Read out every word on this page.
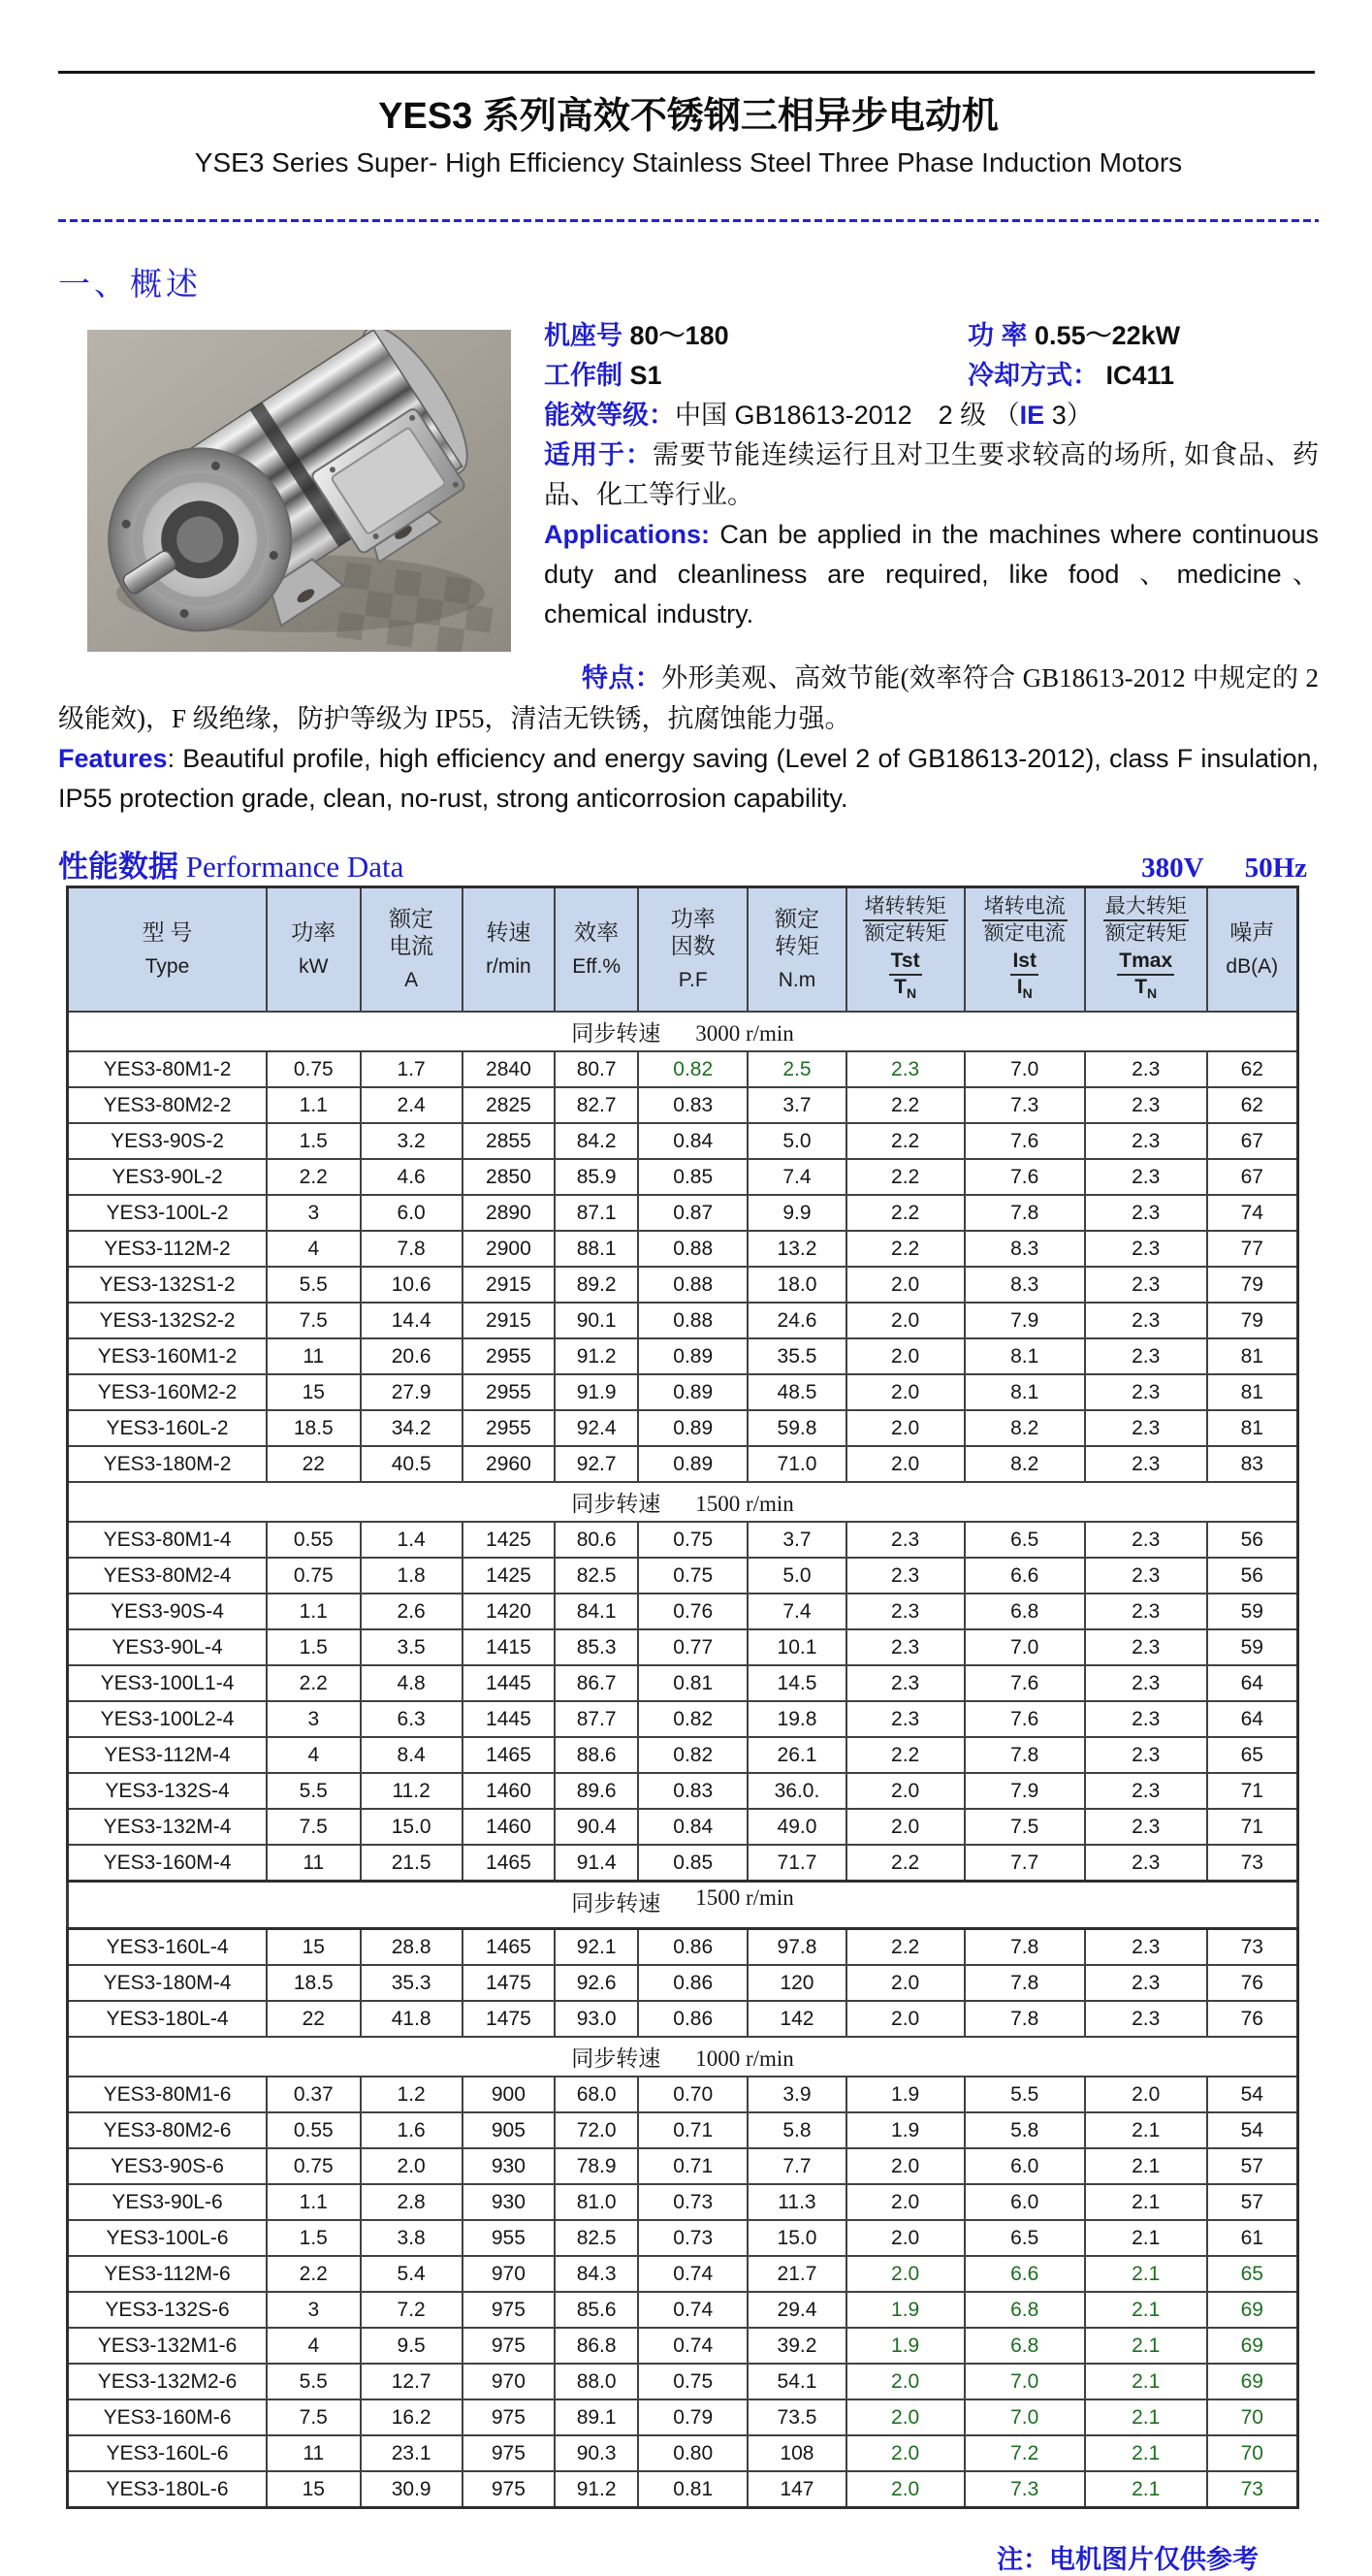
YES3 系列高效不锈钢三相异步电动机
YSE3 Series Super- High Efficiency Stainless Steel Three Phase Induction Motors
一、概述

机座号 80～180	功 率 0.55～22kW

工作制 S1	冷却方式： IC411

能效等级：中国 GB18613-2012　2 级 （IE 3）

适用于：需要节能连续运行且对卫生要求较高的场所, 如食品、药品、化工等行业。

Applications: Can be applied in the machines where continuous duty and cleanliness are required, like food 、medicine、chemical industry.

特点：外形美观、高效节能(效率符合 GB18613-2012 中规定的 2 级能效)，F 级绝缘，防护等级为 IP55，清洁无铁锈，抗腐蚀能力强。

Features: Beautiful profile, high efficiency and energy saving (Level 2 of GB18613-2012), class F insulation, IP55 protection grade, clean, no-rust, strong anticorrosion capability.

性能数据 Performance Data	380V 50Hz
型 号
Type

功率
kW

额定
电流
A

转速
r/min

效率
Eff.%

功率
因数
P.F

额定
转矩
N.m

堵转转矩
额定转矩
Tst
$T_N$

堵转电流
额定电流
Ist
$I_N$

最大转矩
额定转矩
Tmax
$T_N$

噪声
dB(A)

同步转速 3000 r/min										
YES3-80M1-2	0.75	1.7	2840	80.7	0.82	2.5	2.3	7.0	2.3	62
YES3-80M2-2	1.1	2.4	2825	82.7	0.83	3.7	2.2	7.3	2.3	62
YES3-90S-2	1.5	3.2	2855	84.2	0.84	5.0	2.2	7.6	2.3	67
YES3-90L-2	2.2	4.6	2850	85.9	0.85	7.4	2.2	7.6	2.3	67
YES3-100L-2	3	6.0	2890	87.1	0.87	9.9	2.2	7.8	2.3	74
YES3-112M-2	4	7.8	2900	88.1	0.88	13.2	2.2	8.3	2.3	77
YES3-132S1-2	5.5	10.6	2915	89.2	0.88	18.0	2.0	8.3	2.3	79
YES3-132S2-2	7.5	14.4	2915	90.1	0.88	24.6	2.0	7.9	2.3	79
YES3-160M1-2	11	20.6	2955	91.2	0.89	35.5	2.0	8.1	2.3	81
YES3-160M2-2	15	27.9	2955	91.9	0.89	48.5	2.0	8.1	2.3	81
YES3-160L-2	18.5	34.2	2955	92.4	0.89	59.8	2.0	8.2	2.3	81
YES3-180M-2	22	40.5	2960	92.7	0.89	71.0	2.0	8.2	2.3	83
同步转速 1500 r/min										
YES3-80M1-4	0.55	1.4	1425	80.6	0.75	3.7	2.3	6.5	2.3	56
YES3-80M2-4	0.75	1.8	1425	82.5	0.75	5.0	2.3	6.6	2.3	56
YES3-90S-4	1.1	2.6	1420	84.1	0.76	7.4	2.3	6.8	2.3	59
YES3-90L-4	1.5	3.5	1415	85.3	0.77	10.1	2.3	7.0	2.3	59
YES3-100L1-4	2.2	4.8	1445	86.7	0.81	14.5	2.3	7.6	2.3	64
YES3-100L2-4	3	6.3	1445	87.7	0.82	19.8	2.3	7.6	2.3	64
YES3-112M-4	4	8.4	1465	88.6	0.82	26.1	2.2	7.8	2.3	65
YES3-132S-4	5.5	11.2	1460	89.6	0.83	36.0.	2.0	7.9	2.3	71
YES3-132M-4	7.5	15.0	1460	90.4	0.84	49.0	2.0	7.5	2.3	71
YES3-160M-4	11	21.5	1465	91.4	0.85	71.7	2.2	7.7	2.3	73
同步转速 1500 r/min
YES3-160L-4	15	28.8	1465	92.1	0.86	97.8	2.2	7.8	2.3	73
YES3-180M-4	18.5	35.3	1475	92.6	0.86	120	2.0	7.8	2.3	76
YES3-180L-4	22	41.8	1475	93.0	0.86	142	2.0	7.8	2.3	76
同步转速 1000 r/min										
YES3-80M1-6	0.37	1.2	900	68.0	0.70	3.9	1.9	5.5	2.0	54
YES3-80M2-6	0.55	1.6	905	72.0	0.71	5.8	1.9	5.8	2.1	54
YES3-90S-6	0.75	2.0	930	78.9	0.71	7.7	2.0	6.0	2.1	57
YES3-90L-6	1.1	2.8	930	81.0	0.73	11.3	2.0	6.0	2.1	57
YES3-100L-6	1.5	3.8	955	82.5	0.73	15.0	2.0	6.5	2.1	61
YES3-112M-6	2.2	5.4	970	84.3	0.74	21.7	2.0	6.6	2.1	65
YES3-132S-6	3	7.2	975	85.6	0.74	29.4	1.9	6.8	2.1	69
YES3-132M1-6	4	9.5	975	86.8	0.74	39.2	1.9	6.8	2.1	69
YES3-132M2-6	5.5	12.7	970	88.0	0.75	54.1	2.0	7.0	2.1	69
YES3-160M-6	7.5	16.2	975	89.1	0.79	73.5	2.0	7.0	2.1	70
YES3-160L-6	11	23.1	975	90.3	0.80	108	2.0	7.2	2.1	70
YES3-180L-6	15	30.9	975	91.2	0.81	147	2.0	7.3	2.1	73
注：电机图片仅供参考
